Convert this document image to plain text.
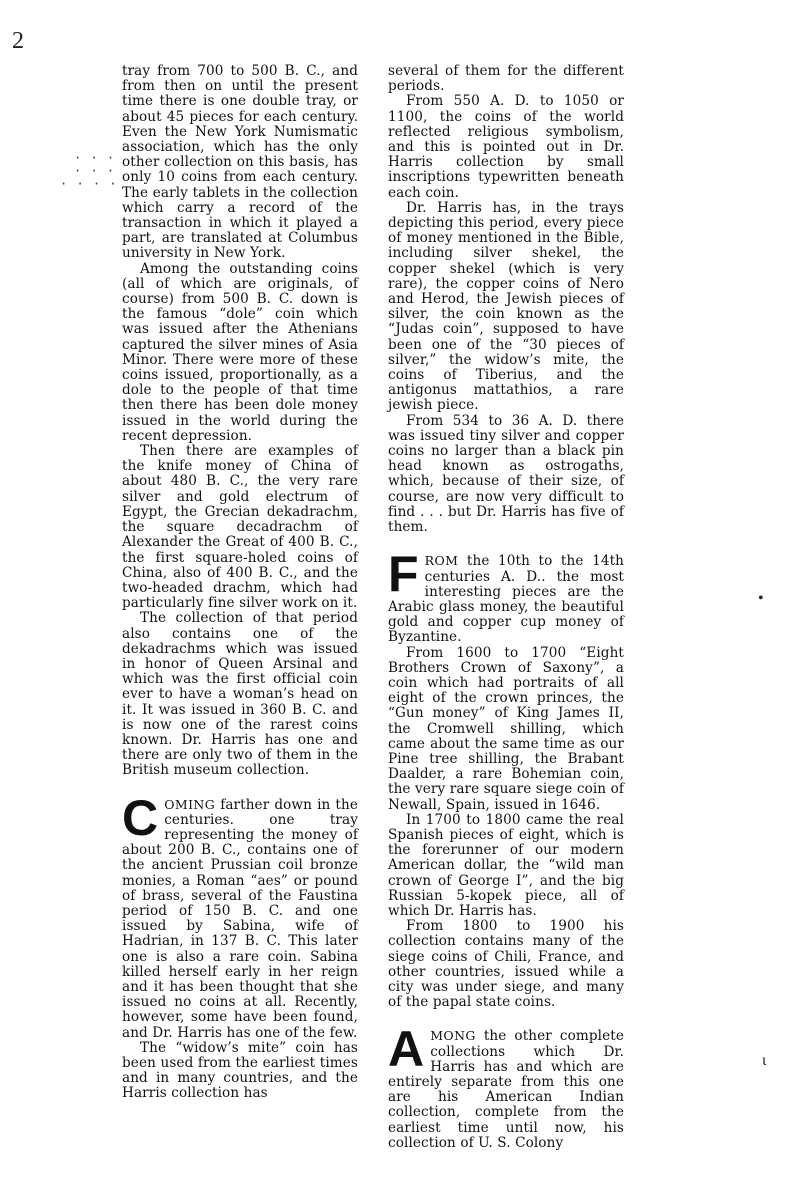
2
· · ·
· · ·
· · · ·
•
ι

tray from 700 to 500 B. C., and from then on until the present time there is one double tray, or about 45 pieces for each century. Even the New York Numismatic association, which has the only other collection on this basis, has only 10 coins from each century. The early tablets in the collection which carry a record of the transaction in which it played a part, are translated at Columbus university in New York.

Among the outstanding coins (all of which are originals, of course) from 500 B. C. down is the famous “dole” coin which was issued after the Athenians captured the silver mines of Asia Minor. There were more of these coins issued, proportionally, as a dole to the people of that time then there has been dole money issued in the world during the recent depression.

Then there are examples of the knife money of China of about 480 B. C., the very rare silver and gold electrum of Egypt, the Grecian dekadrachm, the square decadrachm of Alexander the Great of 400 B. C., the first square-holed coins of China, also of 400 B. C., and the two-headed drachm, which had particularly fine silver work on it.

The collection of that period also contains one of the dekadrachms which was issued in honor of Queen Arsinal and which was the first official coin ever to have a woman’s head on it. It was issued in 360 B. C. and is now one of the rarest coins known. Dr. Harris has one and there are only two of them in the British museum collection.

COMING farther down in the centuries. one tray representing the money of about 200 B. C., contains one of the ancient Prussian coil bronze monies, a Roman “aes” or pound of brass, several of the Faustina period of 150 B. C. and one issued by Sabina, wife of Hadrian, in 137 B. C. This later one is also a rare coin. Sabina killed herself early in her reign and it has been thought that she issued no coins at all. Recently, however, some have been found, and Dr. Harris has one of the few.

The “widow’s mite” coin has been used from the earliest times and in many countries, and the Harris collection has

several of them for the different periods.

From 550 A. D. to 1050 or 1100, the coins of the world reflected religious symbolism, and this is pointed out in Dr. Harris collection by small inscriptions typewritten beneath each coin.

Dr. Harris has, in the trays depicting this period, every piece of money mentioned in the Bible, including silver shekel, the copper shekel (which is very rare), the copper coins of Nero and Herod, the Jewish pieces of silver, the coin known as the “Judas coin”, supposed to have been one of the “30 pieces of silver,” the widow’s mite, the coins of Tiberius, and the antigonus mattathios, a rare jewish piece.

From 534 to 36 A. D. there was issued tiny silver and copper coins no larger than a black pin head known as ostrogaths, which, because of their size, of course, are now very difficult to find . . . but Dr. Harris has five of them.

FROM the 10th to the 14th centuries A. D.. the most interesting pieces are the Arabic glass money, the beautiful gold and copper cup money of Byzantine.

From 1600 to 1700 “Eight Brothers Crown of Saxony”, a coin which had portraits of all eight of the crown princes, the “Gun money” of King James II, the Cromwell shilling, which came about the same time as our Pine tree shilling, the Brabant Daalder, a rare Bohemian coin, the very rare square siege coin of Newall, Spain, issued in 1646.

In 1700 to 1800 came the real Spanish pieces of eight, which is the forerunner of our modern American dollar, the “wild man crown of George I”, and the big Russian 5-kopek piece, all of which Dr. Harris has.

From 1800 to 1900 his collection contains many of the siege coins of Chili, France, and other countries, issued while a city was under siege, and many of the papal state coins.

AMONG the other complete collections which Dr. Harris has and which are entirely separate from this one are his American Indian collection, complete from the earliest time until now, his collection of U. S. Colony
